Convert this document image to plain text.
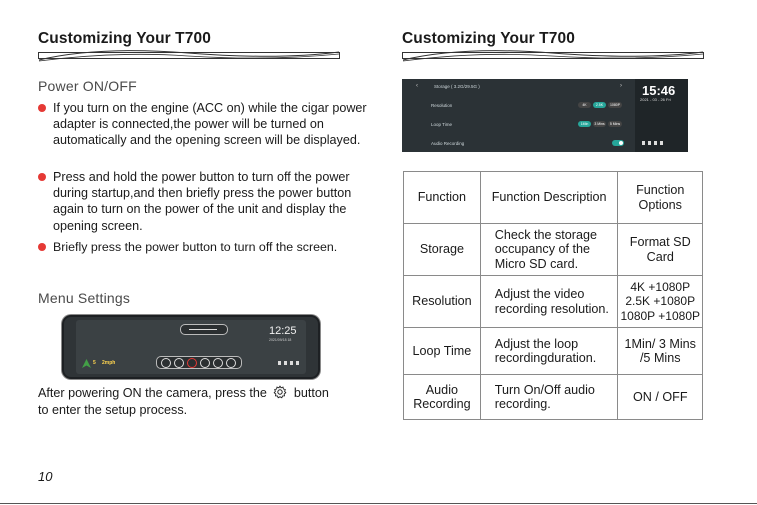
Customizing Your T700
Power ON/OFF
If you turn on the engine (ACC on) while the cigar power adapter is connected,the power will be turned on automatically and the opening screen will be displayed.
Press and hold the power button to turn off the power during startup,and then briefly press the power button again to turn on the power of the unit and display the opening screen.
Briefly press the power button to turn off the screen.
Menu Settings
12:25
2021/09/18 18
5 2mph
After powering ON the camera, press the button
to enter the setup process.
10
Customizing Your T700
‹	Storage ( 3.2G/29.5G )	›
Resolution	4K	2.5K	1080P
Loop Time	1Min	3 Mins	5 Mins
Audio Recording
15:46
2021 - 03 - 26 Fri
Function	Function Description	Function Options
Storage	Check the storage occupancy of the Micro SD card.	Format SD Card
Resolution	Adjust the video recording resolution.	4K +1080P 2.5K +1080P 1080P +1080P
Loop Time	Adjust the loop recordingduration.	1Min/ 3 Mins /5 Mins
Audio Recording	Turn On/Off audio recording.	ON / OFF
